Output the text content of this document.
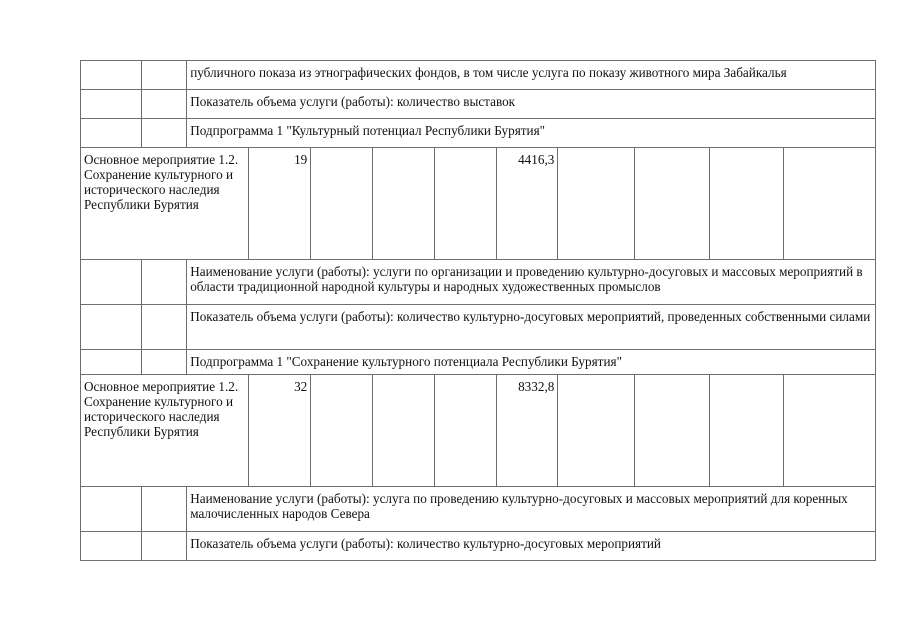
		публичного показа из этнографических фондов, в том числе услуга по показу животного мира Забайкалья									
		Показатель объема услуги (работы): количество выставок									
		Подпрограмма 1 "Культурный потенциал Республики Бурятия"									
Основное мероприятие 1.2. Сохранение культурного и исторического наследия Республики Бурятия			19				4416,3				
		Наименование услуги (работы): услуги по организации и проведению культурно-досуговых и массовых мероприятий в области традиционной народной культуры и народных художественных промыслов									
		Показатель объема услуги (работы): количество культурно-досуговых мероприятий, проведенных собственными силами									
		Подпрограмма 1 "Сохранение культурного потенциала Республики Бурятия"									
Основное мероприятие 1.2. Сохранение культурного и исторического наследия Республики Бурятия			32				8332,8				
		Наименование услуги (работы): услуга по проведению культурно-досуговых и массовых мероприятий для коренных малочисленных народов Севера									
		Показатель объема услуги (работы): количество культурно-досуговых мероприятий									
